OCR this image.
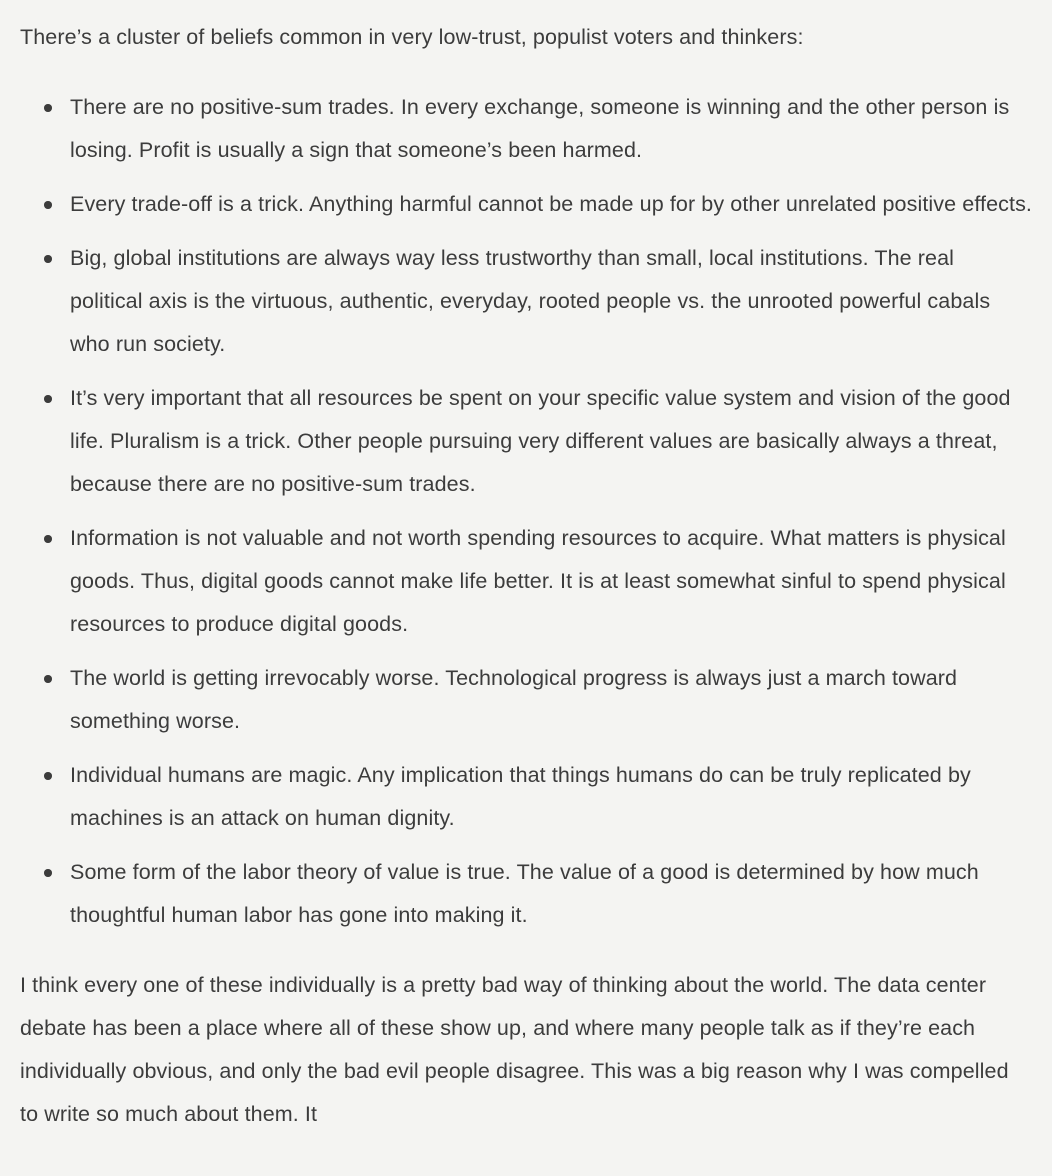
There’s a cluster of beliefs common in very low-trust, populist voters and thinkers:

There are no positive-sum trades. In every exchange, someone is winning and the other person is losing. Profit is usually a sign that someone’s been harmed.
Every trade-off is a trick. Anything harmful cannot be made up for by other unrelated positive effects.
Big, global institutions are always way less trustworthy than small, local institutions. The real political axis is the virtuous, authentic, everyday, rooted people vs. the unrooted powerful cabals who run society.
It’s very important that all resources be spent on your specific value system and vision of the good life. Pluralism is a trick. Other people pursuing very different values are basically always a threat, because there are no positive-sum trades.
Information is not valuable and not worth spending resources to acquire. What matters is physical goods. Thus, digital goods cannot make life better. It is at least somewhat sinful to spend physical resources to produce digital goods.
The world is getting irrevocably worse. Technological progress is always just a march toward something worse.
Individual humans are magic. Any implication that things humans do can be truly replicated by machines is an attack on human dignity.
Some form of the labor theory of value is true. The value of a good is determined by how much thoughtful human labor has gone into making it.

I think every one of these individually is a pretty bad way of thinking about the world. The data center debate has been a place where all of these show up, and where many people talk as if they’re each individually obvious, and only the bad evil people disagree. This was a big reason why I was compelled to write so much about them. It
